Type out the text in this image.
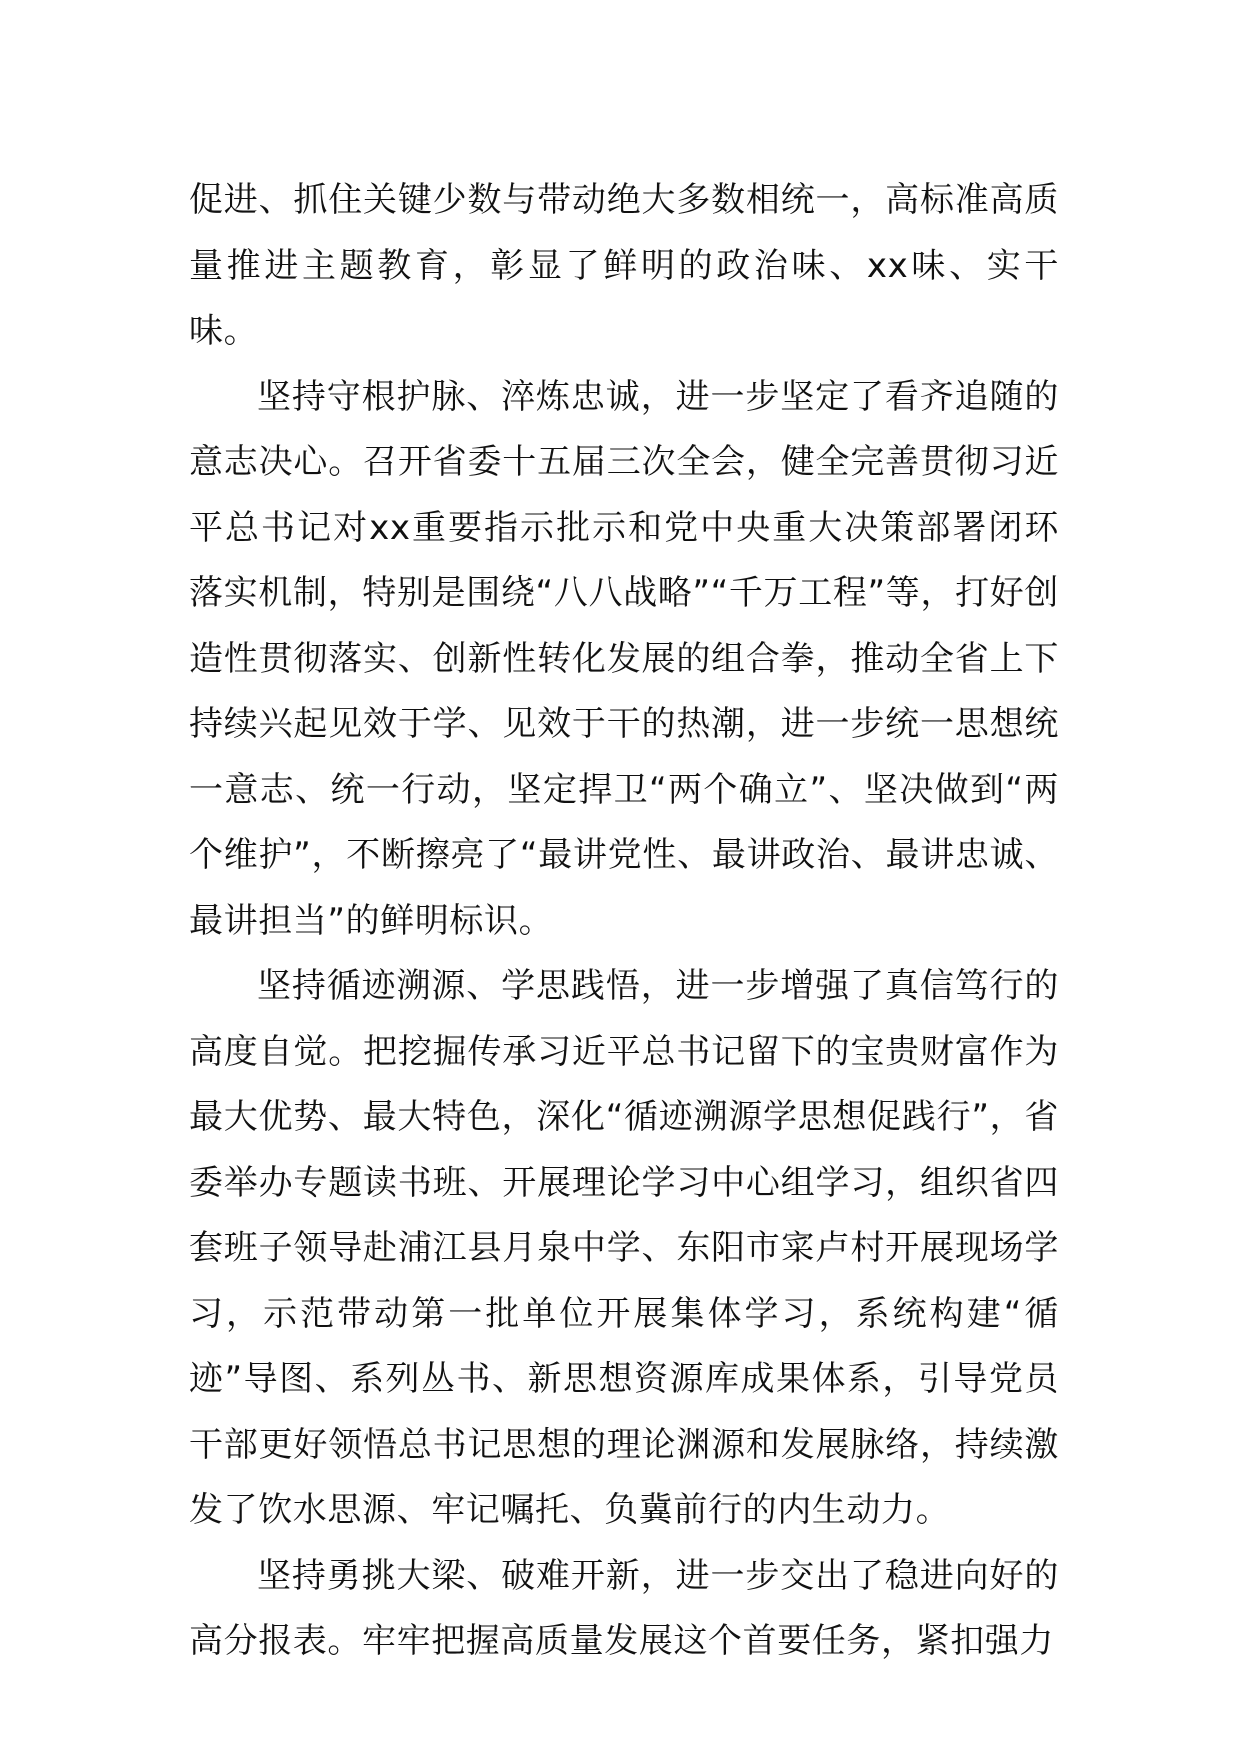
促进、抓住关键少数与带动绝大多数相统一，高标准高质量推进主题教育，彰显了鲜明的政治味、xx味、实干味。

坚持守根护脉、淬炼忠诚，进一步坚定了看齐追随的意志决心。召开省委十五届三次全会，健全完善贯彻习近平总书记对xx重要指示批示和党中央重大决策部署闭环落实机制，特别是围绕“八八战略”“千万工程”等，打好创造性贯彻落实、创新性转化发展的组合拳，推动全省上下持续兴起见效于学、见效于干的热潮，进一步统一思想统一意志、统一行动，坚定捍卫“两个确立”、坚决做到“两个维护”，不断擦亮了“最讲党性、最讲政治、最讲忠诚、最讲担当”的鲜明标识。

坚持循迹溯源、学思践悟，进一步增强了真信笃行的高度自觉。把挖掘传承习近平总书记留下的宝贵财富作为最大优势、最大特色，深化“循迹溯源学思想促践行”，省委举办专题读书班、开展理论学习中心组学习，组织省四套班子领导赴浦江县月泉中学、东阳市寀卢村开展现场学习，示范带动第一批单位开展集体学习，系统构建“循迹”导图、系列丛书、新思想资源库成果体系，引导党员干部更好领悟总书记思想的理论渊源和发展脉络，持续激发了饮水思源、牢记嘱托、负冀前行的内生动力。

坚持勇挑大梁、破难开新，进一步交出了稳进向好的高分报表。牢牢把握高质量发展这个首要任务，紧扣强力
